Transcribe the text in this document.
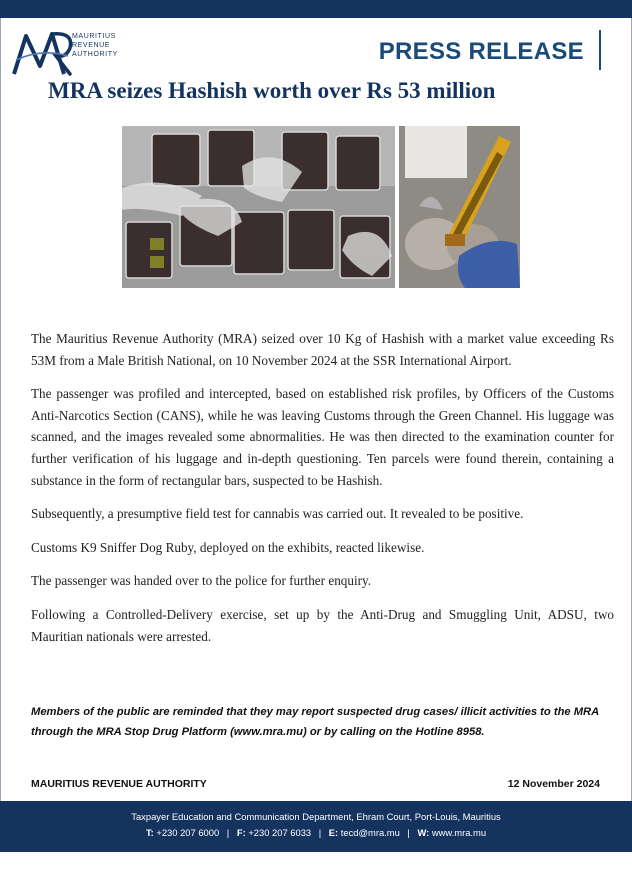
MAURITIUS
REVENUE
AUTHORITY	PRESS RELEASE
MRA seizes Hashish worth over Rs 53 million

The Mauritius Revenue Authority (MRA) seized over 10 Kg of Hashish with a market value exceeding Rs 53M from a Male British National, on 10 November 2024 at the SSR International Airport.

The passenger was profiled and intercepted, based on established risk profiles, by Officers of the Customs Anti-Narcotics Section (CANS), while he was leaving Customs through the Green Channel. His luggage was scanned, and the images revealed some abnormalities. He was then directed to the examination counter for further verification of his luggage and in-depth questioning. Ten parcels were found therein, containing a substance in the form of rectangular bars, suspected to be Hashish.

Subsequently, a presumptive field test for cannabis was carried out. It revealed to be positive.

Customs K9 Sniffer Dog Ruby, deployed on the exhibits, reacted likewise.

The passenger was handed over to the police for further enquiry.

Following a Controlled-Delivery exercise, set up by the Anti-Drug and Smuggling Unit, ADSU, two Mauritian nationals were arrested.

Members of the public are reminded that they may report suspected drug cases/ illicit activities to the MRA through the MRA Stop Drug Platform (www.mra.mu) or by calling on the Hotline 8958.
MAURITIUS REVENUE AUTHORITY	12 November 2024
Taxpayer Education and Communication Department, Ehram Court, Port-Louis, Mauritius
T: +230 207 6000 | F: +230 207 6033 | E: tecd@mra.mu | W: www.mra.mu
